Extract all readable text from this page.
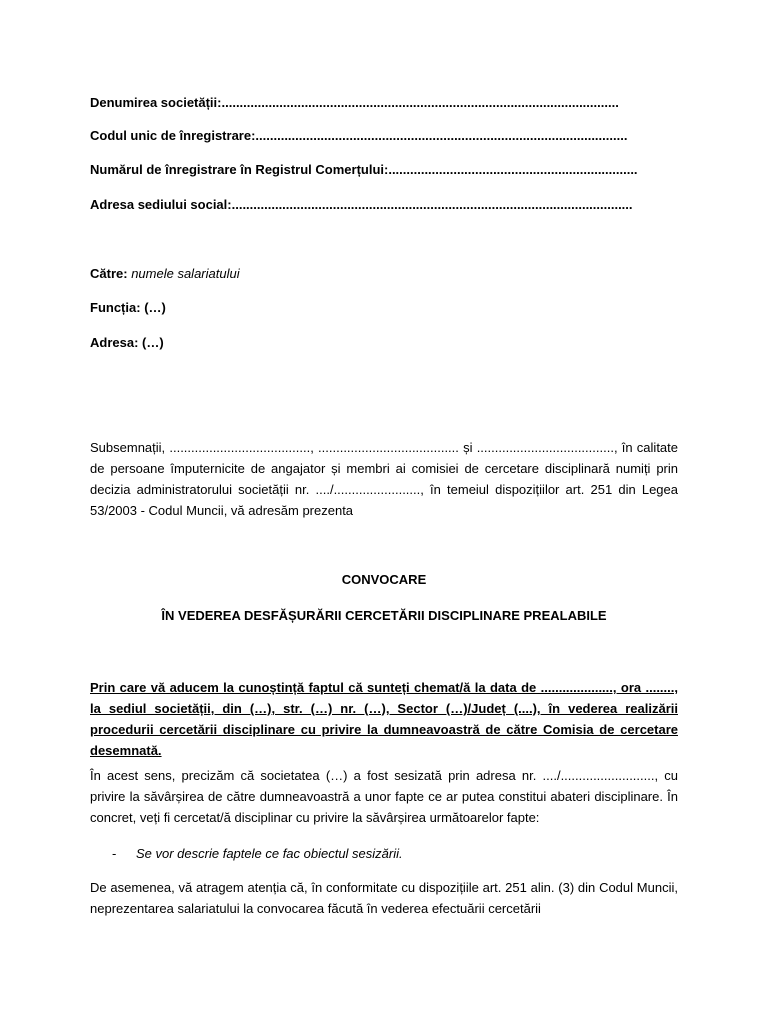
Denumirea societății:..............................................................................................................
Codul unic de înregistrare:.......................................................................................................
Numărul de înregistrare în Registrul Comerțului:.....................................................................
Adresa sediului social:...............................................................................................................
Către: numele salariatului
Funcția: (…)
Adresa: (…)

Subsemnații, ......................................., ....................................... și ......................................, în calitate de persoane împuternicite de angajator și membri ai comisiei de cercetare disciplinară numiți prin decizia administratorului societății nr. ..../........................, în temeiul dispozițiilor art. 251 din Legea 53/2003 - Codul Muncii, vă adresăm prezenta

CONVOCARE
ÎN VEDEREA DESFĂȘURĂRII CERCETĂRII DISCIPLINARE PREALABILE

Prin care vă aducem la cunoștință faptul că sunteți chemat/ă la data de ...................., ora ........, la sediul societății, din (…), str. (…) nr. (…), Sector (…)/Județ (....), în vederea realizării procedurii cercetării disciplinare cu privire la dumneavoastră de către Comisia de cercetare desemnată.

În acest sens, precizăm că societatea (…) a fost sesizată prin adresa nr. ..../.........................., cu privire la săvârșirea de către dumneavoastră a unor fapte ce ar putea constitui abateri disciplinare. În concret, veți fi cercetat/ă disciplinar cu privire la săvârșirea următoarelor fapte:

- Se vor descrie faptele ce fac obiectul sesizării.

De asemenea, vă atragem atenția că, în conformitate cu dispozițiile art. 251 alin. (3) din Codul Muncii, neprezentarea salariatului la convocarea făcută în vederea efectuării cercetării
